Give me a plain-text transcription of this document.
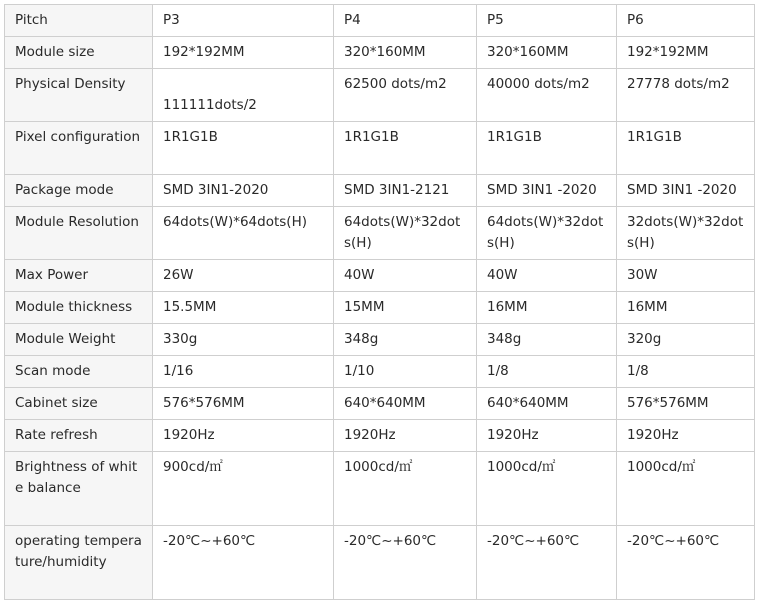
Pitch	P3	P4	P5	P6
Module size	192*192MM	320*160MM	320*160MM	192*192MM
Physical Density	111111dots/2	62500 dots/m2	40000 dots/m2	27778 dots/m2
Pixel configuration	1R1G1B	1R1G1B	1R1G1B	1R1G1B
Package mode	SMD 3IN1-2020	SMD 3IN1-2121	SMD 3IN1 -2020	SMD 3IN1 -2020
Module Resolution	64dots(W)*64dots(H)	64dots(W)*32dots(H)	64dots(W)*32dots(H)	32dots(W)*32dots(H)
Max Power	26W	40W	40W	30W
Module thickness	15.5MM	15MM	16MM	16MM
Module Weight	330g	348g	348g	320g
Scan mode	1/16	1/10	1/8	1/8
Cabinet size	576*576MM	640*640MM	640*640MM	576*576MM
Rate refresh	1920Hz	1920Hz	1920Hz	1920Hz
Brightness of white balance	900cd/㎡	1000cd/㎡	1000cd/㎡	1000cd/㎡
operating temperature/humidity	-20℃~+60℃	-20℃~+60℃	-20℃~+60℃	-20℃~+60℃
